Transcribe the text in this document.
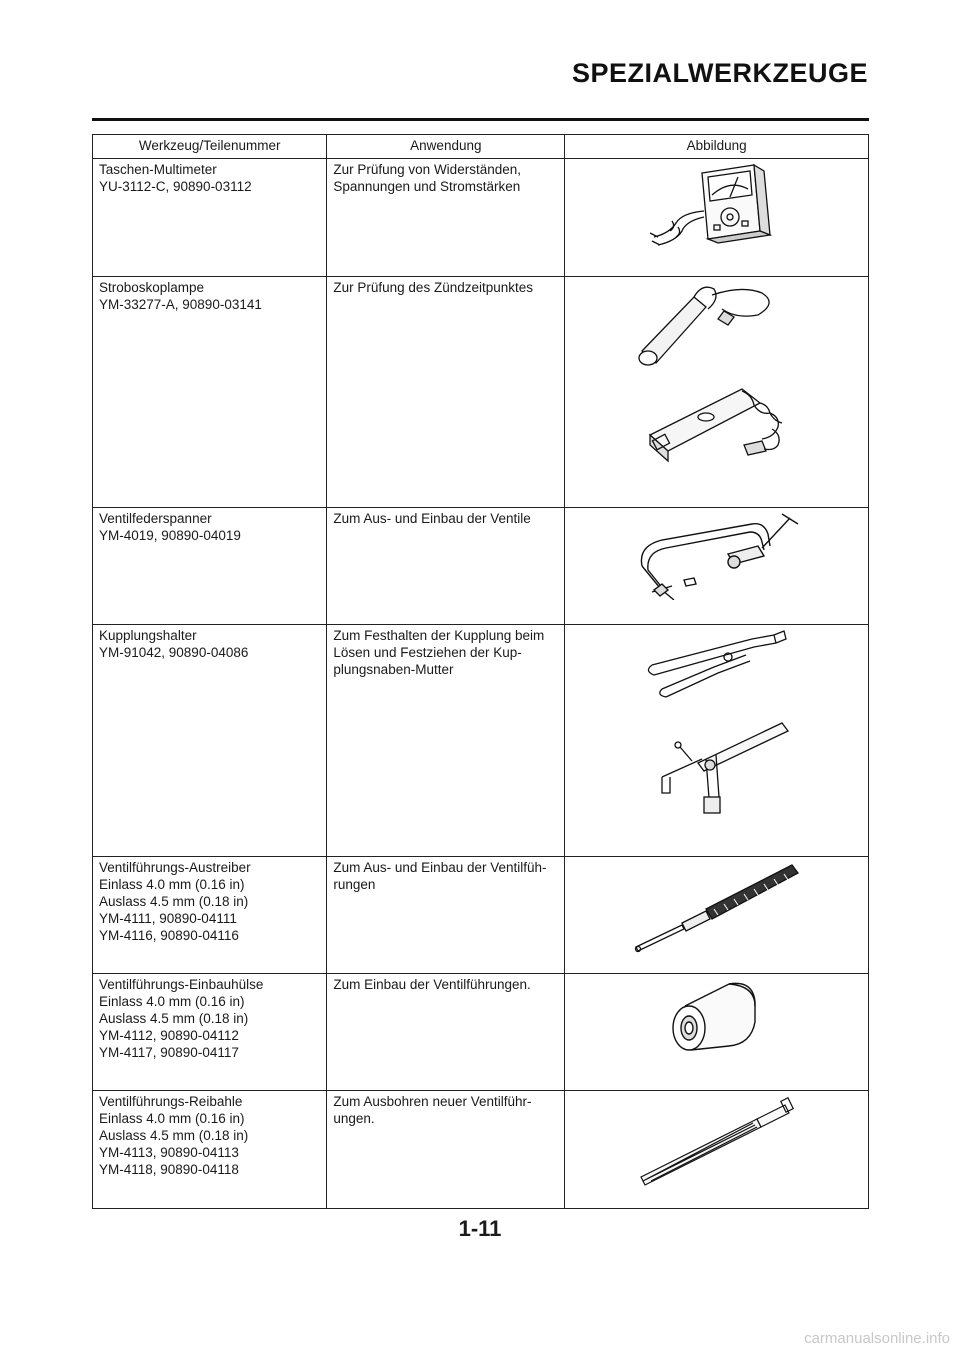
SPEZIALWERKZEUGE
Werkzeug/Teilenummer	Anwendung	Abbildung

Taschen-Multimeter
YU-3112-C, 90890-03112	Zur Prüfung von Widerständen,
Spannungen und Stromstärken

Stroboskoplampe
YM-33277-A, 90890-03141	Zur Prüfung des Zündzeitpunktes

Ventilfederspanner
YM-4019, 90890-04019	Zum Aus- und Einbau der Ventile

Kupplungshalter
YM-91042, 90890-04086	Zum Festhalten der Kupplung beim
Lösen und Festziehen der Kup-
plungsnaben-Mutter

Ventilführungs-Austreiber
Einlass 4.0 mm (0.16 in)
Auslass 4.5 mm (0.18 in)
YM-4111, 90890-04111
YM-4116, 90890-04116	Zum Aus- und Einbau der Ventilfüh-
rungen

Ventilführungs-Einbauhülse
Einlass 4.0 mm (0.16 in)
Auslass 4.5 mm (0.18 in)
YM-4112, 90890-04112
YM-4117, 90890-04117	Zum Einbau der Ventilführungen.

Ventilführungs-Reibahle
Einlass 4.0 mm (0.16 in)
Auslass 4.5 mm (0.18 in)
YM-4113, 90890-04113
YM-4118, 90890-04118	Zum Ausbohren neuer Ventilführ-
ungen.

1-11
carmanualsonline.info
